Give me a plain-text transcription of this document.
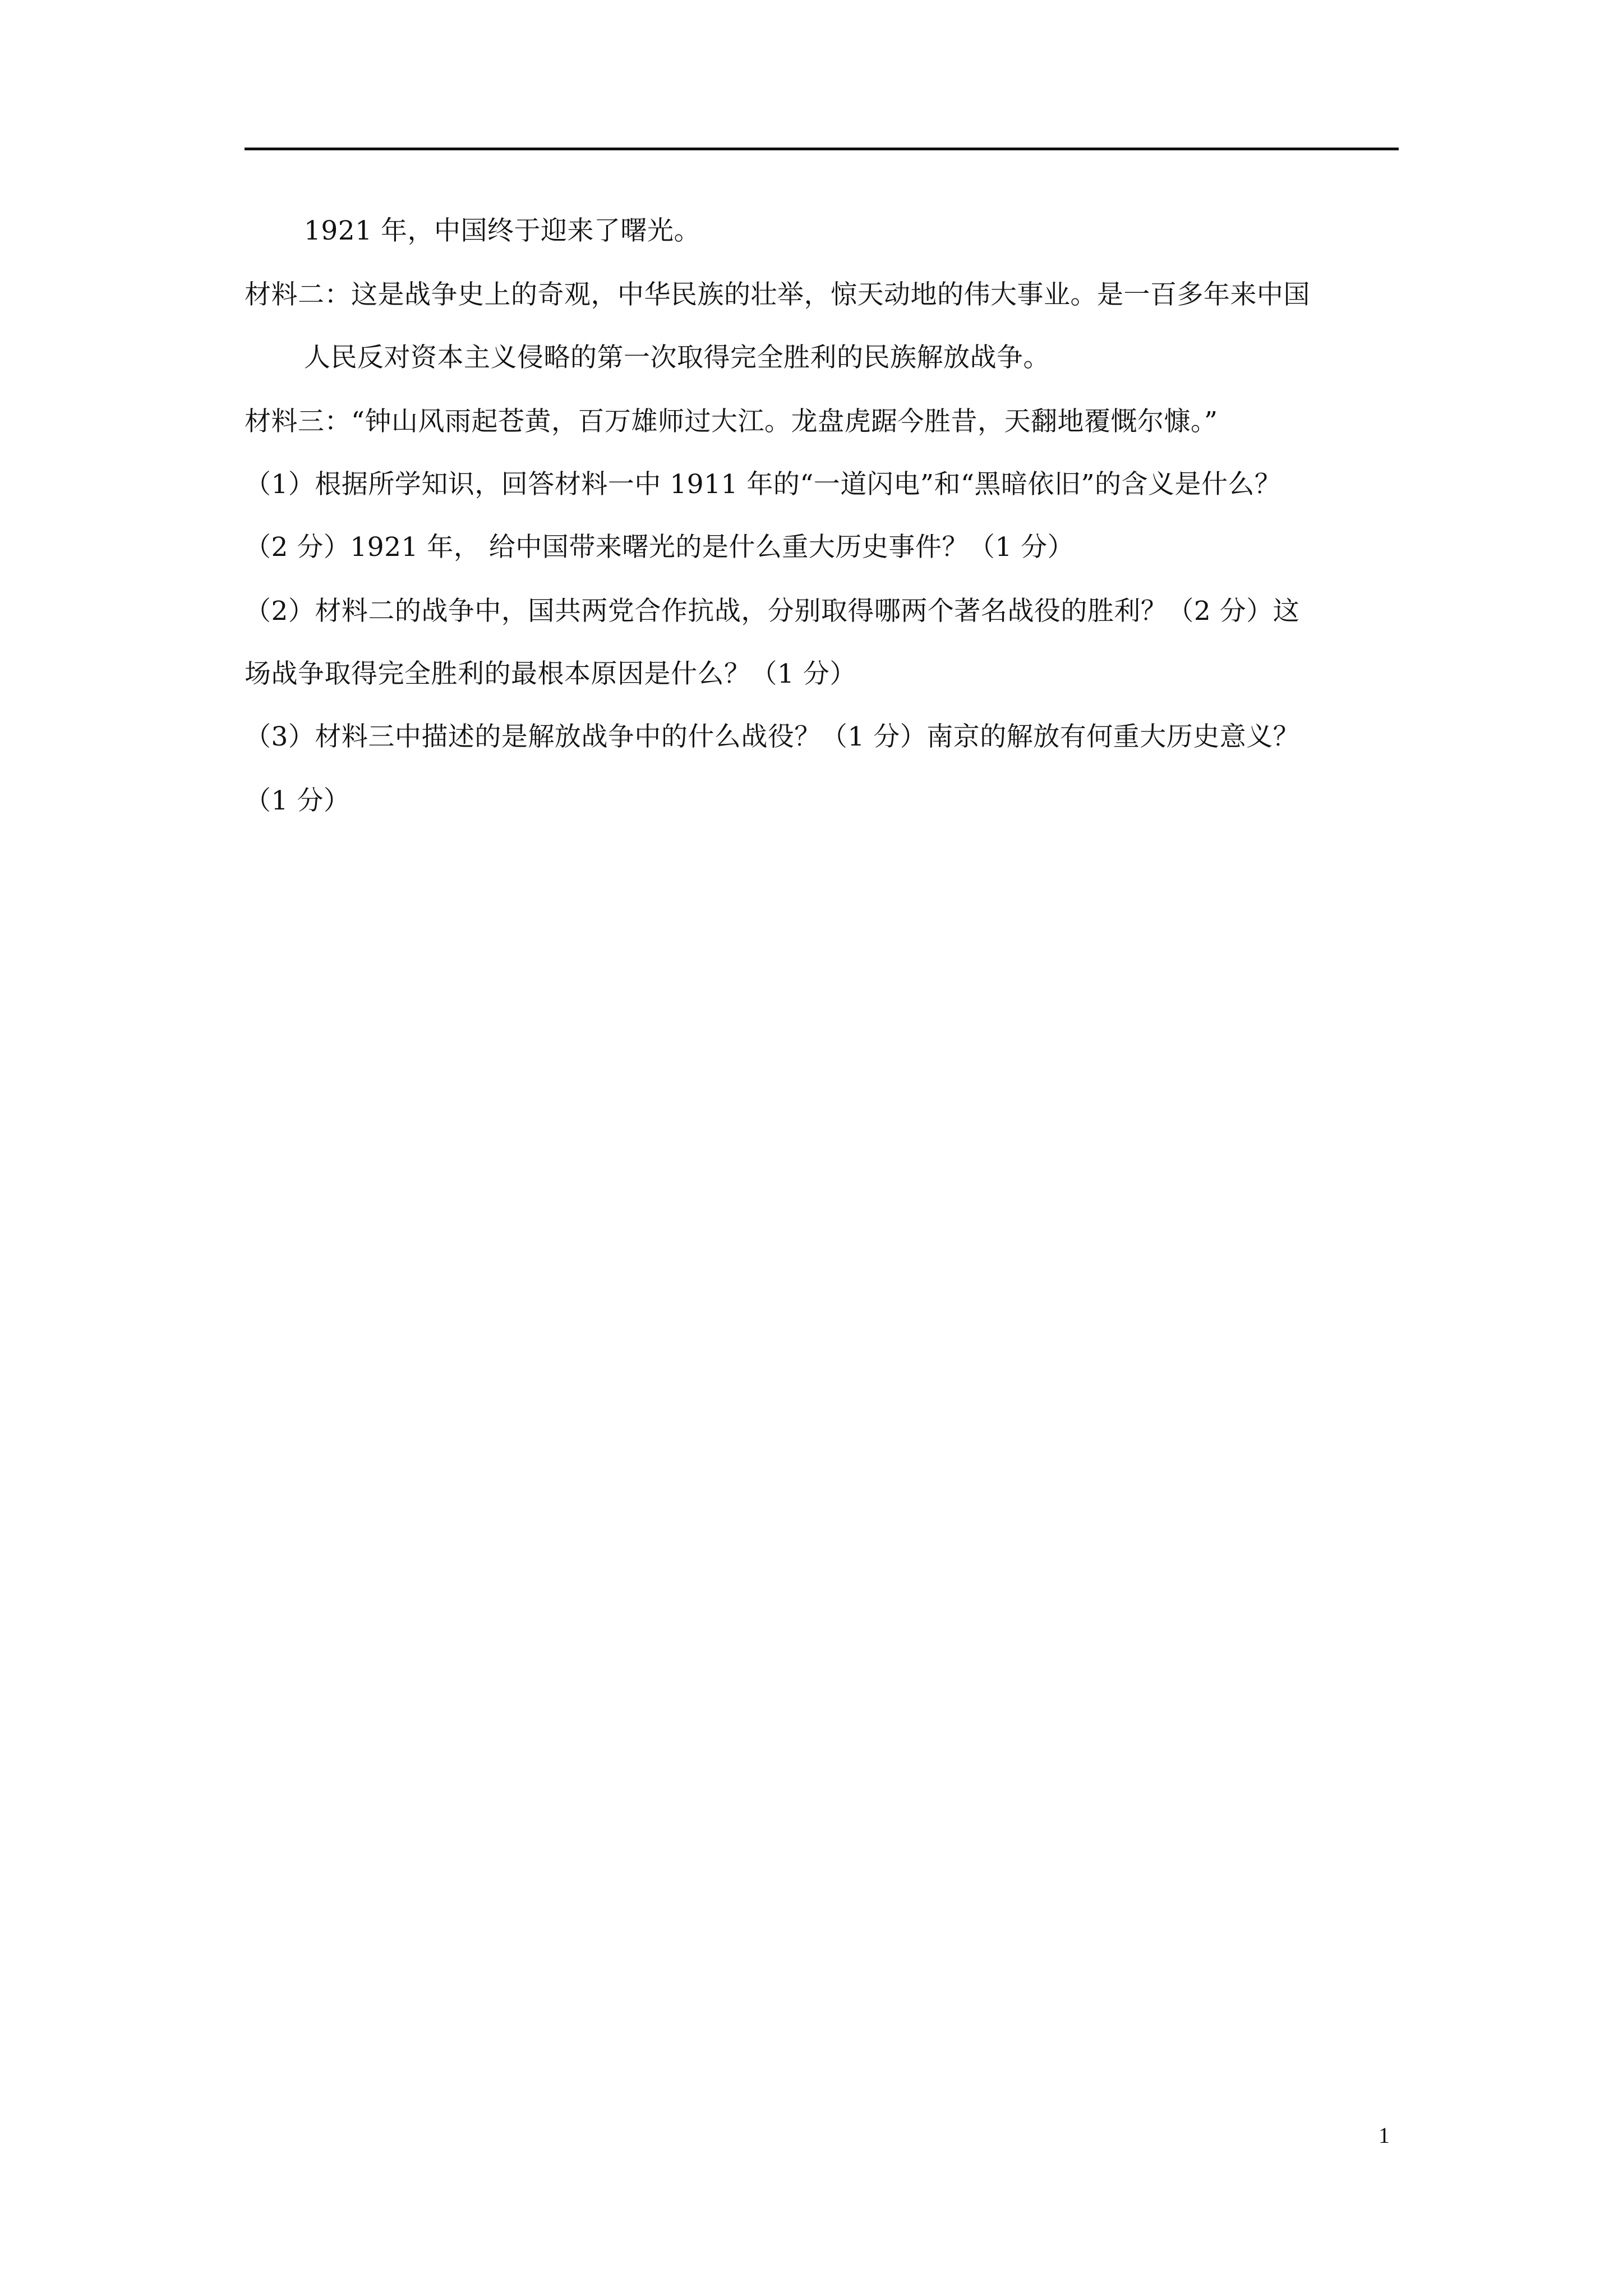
1921 年，中国终于迎来了曙光。
材料二：这是战争史上的奇观，中华民族的壮举，惊天动地的伟大事业。是一百多年来中国
人民反对资本主义侵略的第一次取得完全胜利的民族解放战争。
材料三：“钟山风雨起苍黄，百万雄师过大江。龙盘虎踞今胜昔，天翻地覆慨尔慷。”
（1）根据所学知识，回答材料一中 1911 年的“一道闪电”和“黑暗依旧”的含义是什么？
（2 分）1921 年， 给中国带来曙光的是什么重大历史事件？（1 分）
（2）材料二的战争中，国共两党合作抗战，分别取得哪两个著名战役的胜利？（2 分）这
场战争取得完全胜利的最根本原因是什么？（1 分）
（3）材料三中描述的是解放战争中的什么战役？（1 分）南京的解放有何重大历史意义？
（1 分）
1
